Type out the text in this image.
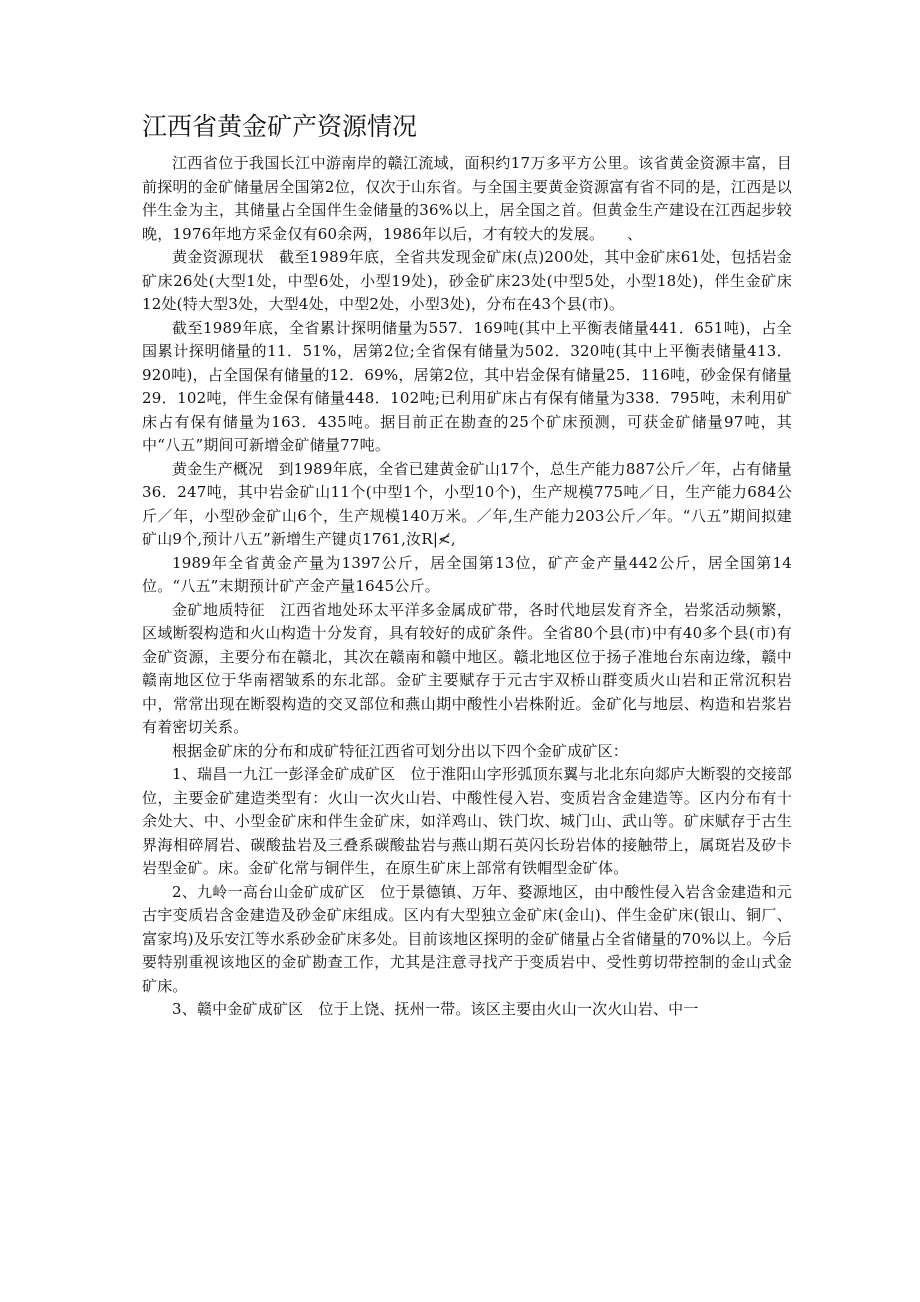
江西省黄金矿产资源情况

江西省位于我国长江中游南岸的赣江流域，面积约17万多平方公里。该省黄金资源丰富，目前探明的金矿储量居全国第2位，仅次于山东省。与全国主要黄金资源富有省不同的是，江西是以伴生金为主，其储量占全国伴生金储量的36%以上，居全国之首。但黄金生产建设在江西起步较晚，1976年地方采金仅有60余两，1986年以后，才有较大的发展。　　、

黄金资源现状　截至1989年底，全省共发现金矿床(点)200处，其中金矿床61处，包括岩金矿床26处(大型1处，中型6处，小型19处)，砂金矿床23处(中型5处，小型18处)，伴生金矿床12处(特大型3处，大型4处，中型2处，小型3处)，分布在43个县(市)。

截至1989年底，全省累计探明储量为557．169吨(其中上平衡表储量441．651吨)，占全国累计探明储量的11．51%，居第2位;全省保有储量为502．320吨(其中上平衡表储量413．920吨)，占全国保有储量的12．69%，居第2位，其中岩金保有储量25．116吨，砂金保有储量29．102吨，伴生金保有储量448．102吨;已利用矿床占有保有储量为338．795吨，未利用矿床占有保有储量为163．435吨。据目前正在勘查的25个矿床预测，可获金矿储量97吨，其中“八五”期间可新增金矿储量77吨。

黄金生产概况　到1989年底，全省已建黄金矿山17个，总生产能力887公斤／年，占有储量36．247吨，其中岩金矿山11个(中型1个，小型10个)，生产规模775吨／日，生产能力684公斤／年，小型砂金矿山6个，生产规模140万米。／年,生产能力203公斤／年。“八五”期间拟建矿山9个,预计八五”新增生产键贞1761,汝R|≮,

1989年全省黄金产量为1397公斤，居全国第13位，矿产金产量442公斤，居全国第14位。“八五”末期预计矿产金产量1645公斤。

金矿地质特征　江西省地处环太平洋多金属成矿带，各时代地层发育齐全，岩浆活动频繁，区域断裂构造和火山构造十分发育，具有较好的成矿条件。全省80个县(市)中有40多个县(市)有金矿资源，主要分布在赣北，其次在赣南和赣中地区。赣北地区位于扬子准地台东南边缘，赣中赣南地区位于华南褶皱系的东北部。金矿主要赋存于元古宇双桥山群变质火山岩和正常沉积岩中，常常出现在断裂构造的交叉部位和燕山期中酸性小岩株附近。金矿化与地层、构造和岩浆岩有着密切关系。

根据金矿床的分布和成矿特征江西省可划分出以下四个金矿成矿区：

1、瑞昌一九江一彭泽金矿成矿区　位于淮阳山字形弧顶东翼与北北东向郯庐大断裂的交接部位，主要金矿建造类型有：火山一次火山岩、中酸性侵入岩、变质岩含金建造等。区内分布有十余处大、中、小型金矿床和伴生金矿床，如洋鸡山、铁门坎、城门山、武山等。矿床赋存于古生界海相碎屑岩、碳酸盐岩及三叠系碳酸盐岩与燕山期石英闪长玢岩体的接触带上，属斑岩及矽卡岩型金矿。床。金矿化常与铜伴生，在原生矿床上部常有铁帽型金矿体。

2、九岭一高台山金矿成矿区　位于景德镇、万年、婺源地区，由中酸性侵入岩含金建造和元古宇变质岩含金建造及砂金矿床组成。区内有大型独立金矿床(金山)、伴生金矿床(银山、铜厂、富家坞)及乐安江等水系砂金矿床多处。目前该地区探明的金矿储量占全省储量的70%以上。今后要特别重视该地区的金矿勘查工作，尤其是注意寻找产于变质岩中、受性剪切带控制的金山式金矿床。

3、赣中金矿成矿区　位于上饶、抚州一带。该区主要由火山一次火山岩、中一
